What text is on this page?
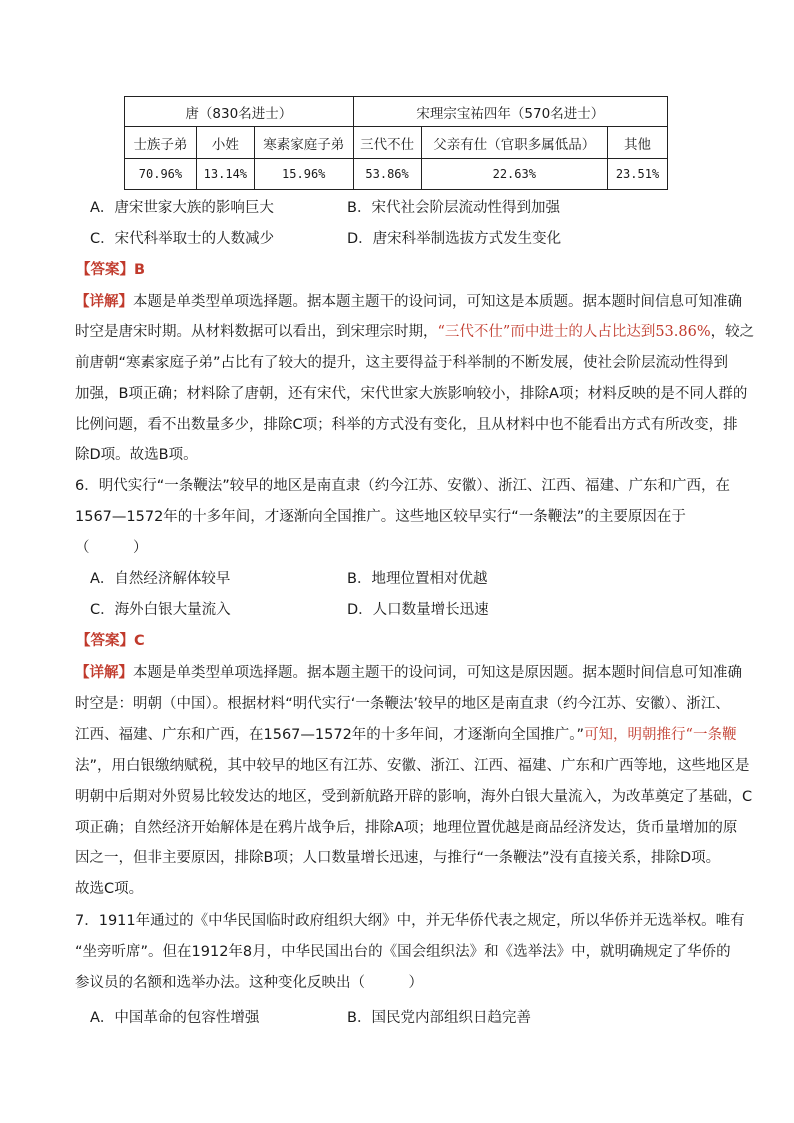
唐（830名进士）			宋理宗宝祐四年（570名进士）		
士族子弟	小姓	寒素家庭子弟	三代不仕	父亲有仕（官职多属低品）	其他
70.96%	13.14%	15.96%	53.86%	22.63%	23.51%
A．唐宋世家大族的影响巨大	B．宋代社会阶层流动性得到加强
C．宋代科举取士的人数减少	D．唐宋科举制选拔方式发生变化
【答案】B
【详解】本题是单类型单项选择题。据本题主题干的设问词，可知这是本质题。据本题时间信息可知准确
时空是唐宋时期。从材料数据可以看出，到宋理宗时期，“三代不仕”而中进士的人占比达到53.86%，较之
前唐朝“寒素家庭子弟”占比有了较大的提升，这主要得益于科举制的不断发展，使社会阶层流动性得到
加强，B项正确；材料除了唐朝，还有宋代，宋代世家大族影响较小，排除A项；材料反映的是不同人群的
比例问题，看不出数量多少，排除C项；科举的方式没有变化，且从材料中也不能看出方式有所改变，排
除D项。故选B项。
6．明代实行“一条鞭法”较早的地区是南直隶（约今江苏、安徽）、浙江、江西、福建、广东和广西，在
1567—1572年的十多年间，才逐渐向全国推广。这些地区较早实行“一条鞭法”的主要原因在于
（　　　）
A．自然经济解体较早	B．地理位置相对优越
C．海外白银大量流入	D．人口数量增长迅速
【答案】C
【详解】本题是单类型单项选择题。据本题主题干的设问词，可知这是原因题。据本题时间信息可知准确
时空是：明朝（中国）。根据材料“明代实行‘一条鞭法’较早的地区是南直隶（约今江苏、安徽）、浙江、
江西、福建、广东和广西，在1567—1572年的十多年间，才逐渐向全国推广。”可知，明朝推行“一条鞭
法”，用白银缴纳赋税，其中较早的地区有江苏、安徽、浙江、江西、福建、广东和广西等地，这些地区是
明朝中后期对外贸易比较发达的地区，受到新航路开辟的影响，海外白银大量流入，为改革奠定了基础，C
项正确；自然经济开始解体是在鸦片战争后，排除A项；地理位置优越是商品经济发达，货币量增加的原
因之一，但非主要原因，排除B项；人口数量增长迅速，与推行“一条鞭法”没有直接关系，排除D项。
故选C项。
7．1911年通过的《中华民国临时政府组织大纲》中，并无华侨代表之规定，所以华侨并无选举权。唯有
“坐旁听席”。但在1912年8月，中华民国出台的《国会组织法》和《选举法》中，就明确规定了华侨的
参议员的名额和选举办法。这种变化反映出（　　　）
A．中国革命的包容性增强	B．国民党内部组织日趋完善
